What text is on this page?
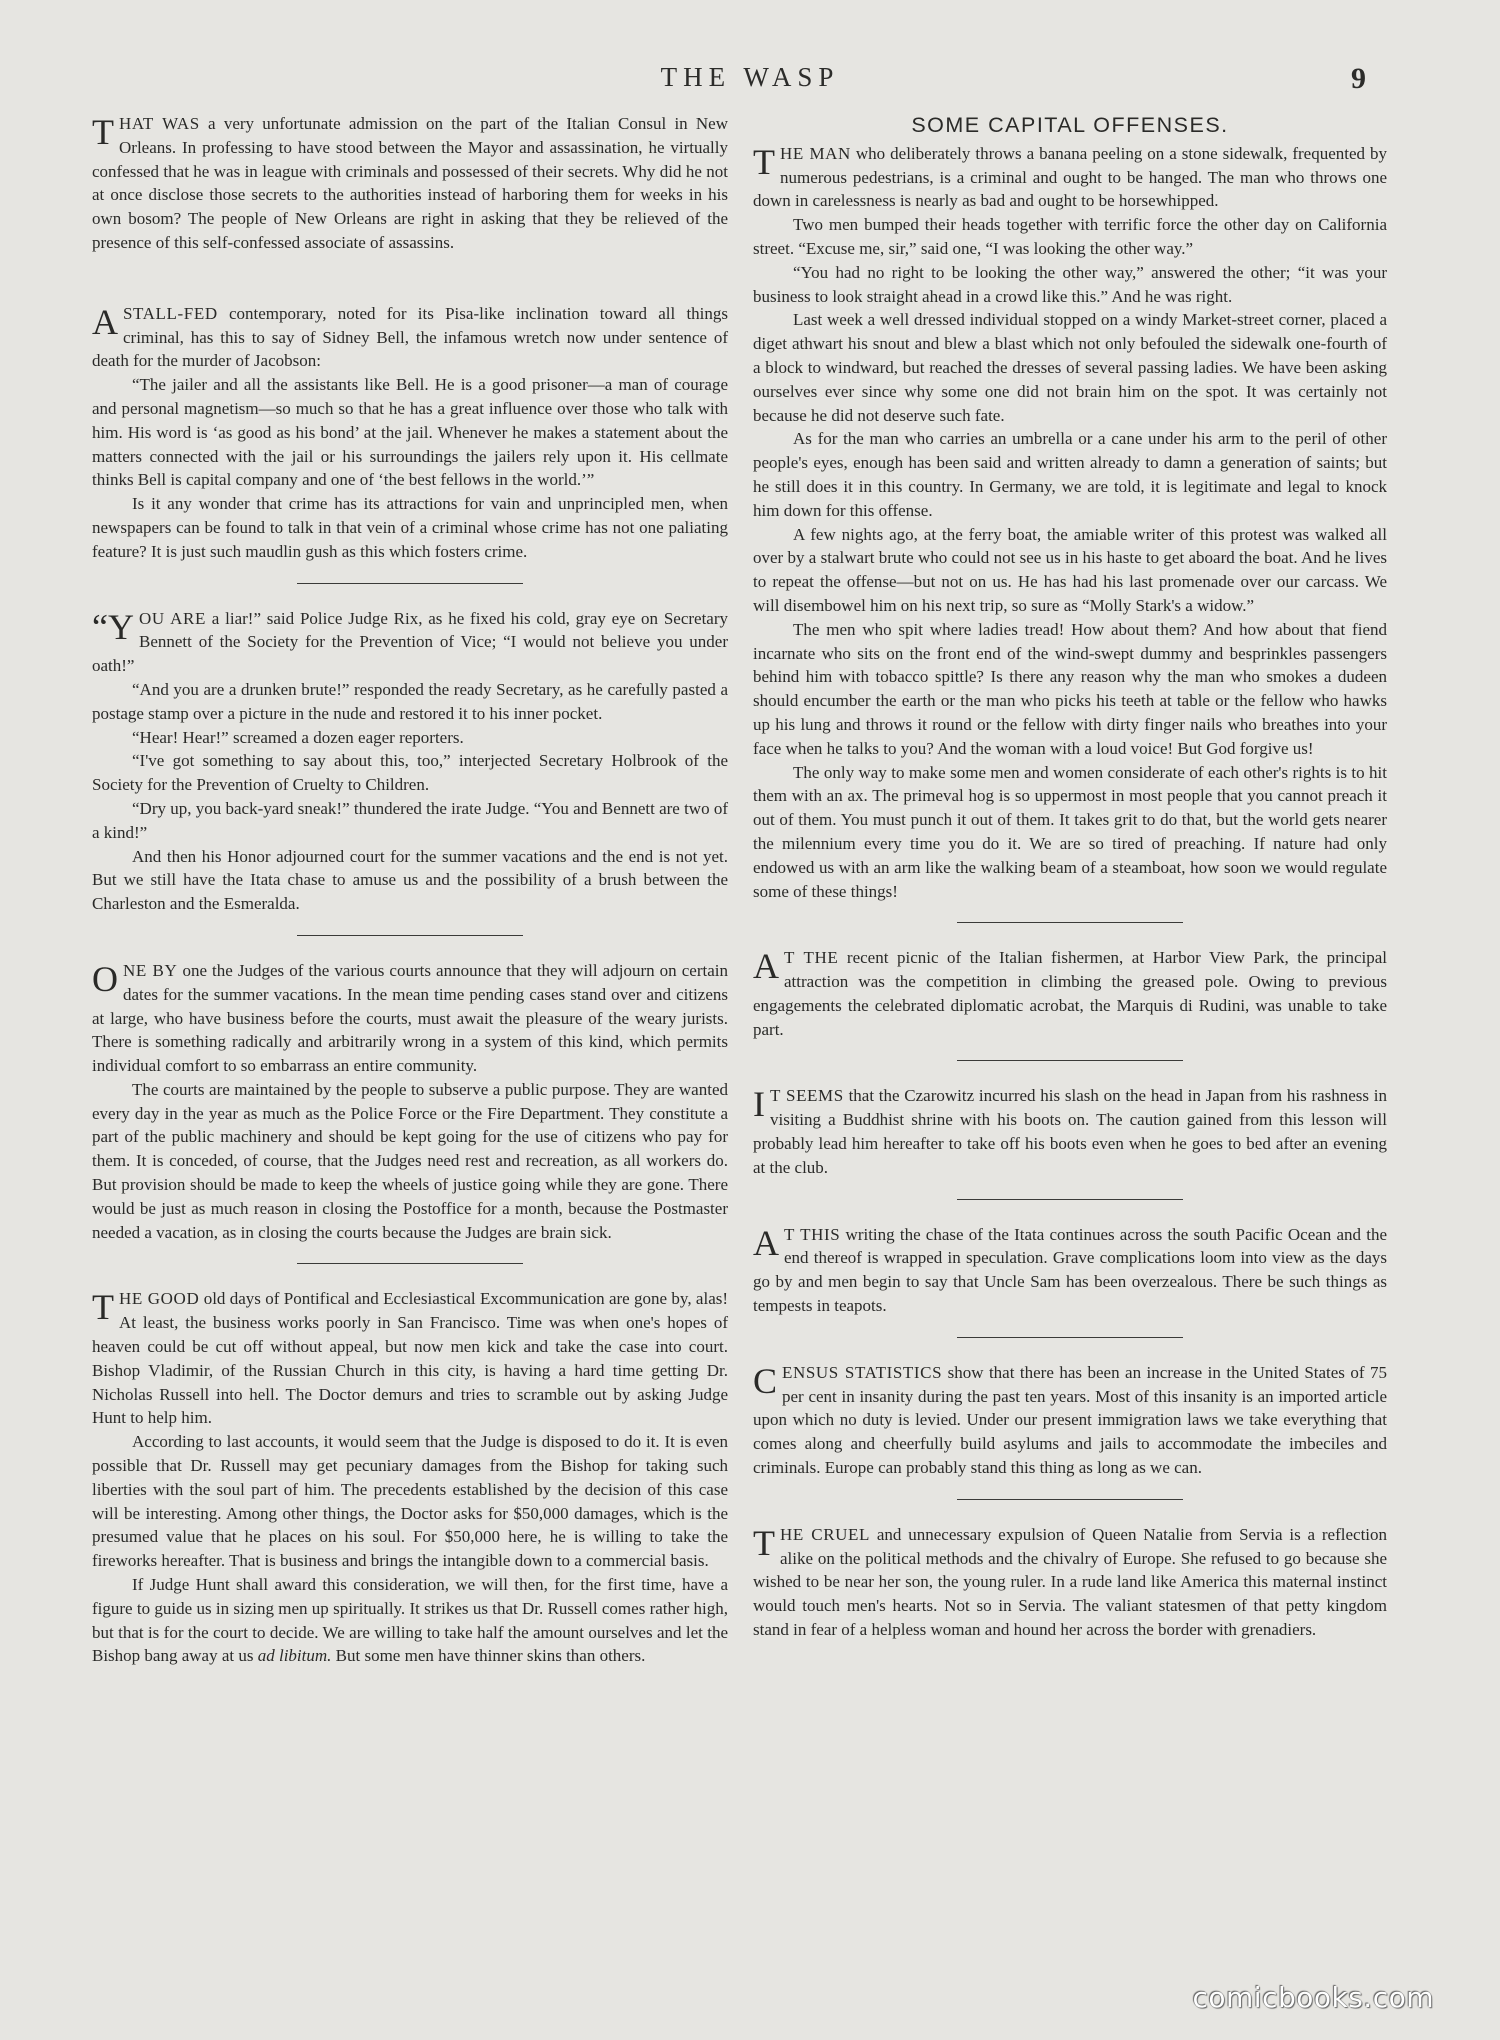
THE WASP	9

THAT WAS a very unfortunate admission on the part of the Italian Consul in New Orleans. In professing to have stood between the Mayor and assassination, he virtually confessed that he was in league with criminals and possessed of their secrets. Why did he not at once disclose those secrets to the authorities instead of harboring them for weeks in his own bosom? The people of New Orleans are right in asking that they be relieved of the presence of this self-confessed associate of assassins.

ASTALL-FED contemporary, noted for its Pisa-like inclination toward all things criminal, has this to say of Sidney Bell, the infamous wretch now under sentence of death for the murder of Jacobson:

“The jailer and all the assistants like Bell. He is a good prisoner—a man of courage and personal magnetism—so much so that he has a great influence over those who talk with him. His word is ‘as good as his bond’ at the jail. Whenever he makes a statement about the matters connected with the jail or his surroundings the jailers rely upon it. His cellmate thinks Bell is capital company and one of ‘the best fellows in the world.’”

Is it any wonder that crime has its attractions for vain and unprincipled men, when newspapers can be found to talk in that vein of a criminal whose crime has not one paliating feature? It is just such maudlin gush as this which fosters crime.

“YOU ARE a liar!” said Police Judge Rix, as he fixed his cold, gray eye on Secretary Bennett of the Society for the Prevention of Vice; “I would not believe you under oath!”

“And you are a drunken brute!” responded the ready Secretary, as he carefully pasted a postage stamp over a picture in the nude and restored it to his inner pocket.

“Hear! Hear!” screamed a dozen eager reporters.

“I've got something to say about this, too,” interjected Secretary Holbrook of the Society for the Prevention of Cruelty to Children.

“Dry up, you back-yard sneak!” thundered the irate Judge. “You and Bennett are two of a kind!”

And then his Honor adjourned court for the summer vacations and the end is not yet. But we still have the Itata chase to amuse us and the possibility of a brush between the Charleston and the Esmeralda.

ONE BY one the Judges of the various courts announce that they will adjourn on certain dates for the summer vacations. In the mean time pending cases stand over and citizens at large, who have business before the courts, must await the pleasure of the weary jurists. There is something radically and arbitrarily wrong in a system of this kind, which permits individual comfort to so embarrass an entire community.

The courts are maintained by the people to subserve a public purpose. They are wanted every day in the year as much as the Police Force or the Fire Department. They constitute a part of the public machinery and should be kept going for the use of citizens who pay for them. It is conceded, of course, that the Judges need rest and recreation, as all workers do. But provision should be made to keep the wheels of justice going while they are gone. There would be just as much reason in closing the Postoffice for a month, because the Postmaster needed a vacation, as in closing the courts because the Judges are brain sick.

THE GOOD old days of Pontifical and Ecclesiastical Excommunication are gone by, alas! At least, the business works poorly in San Francisco. Time was when one's hopes of heaven could be cut off without appeal, but now men kick and take the case into court. Bishop Vladimir, of the Russian Church in this city, is having a hard time getting Dr. Nicholas Russell into hell. The Doctor demurs and tries to scramble out by asking Judge Hunt to help him.

According to last accounts, it would seem that the Judge is disposed to do it. It is even possible that Dr. Russell may get pecuniary damages from the Bishop for taking such liberties with the soul part of him. The precedents established by the decision of this case will be interesting. Among other things, the Doctor asks for $50,000 damages, which is the presumed value that he places on his soul. For $50,000 here, he is willing to take the fireworks hereafter. That is business and brings the intangible down to a commercial basis.

If Judge Hunt shall award this consideration, we will then, for the first time, have a figure to guide us in sizing men up spiritually. It strikes us that Dr. Russell comes rather high, but that is for the court to decide. We are willing to take half the amount ourselves and let the Bishop bang away at us ad libitum. But some men have thinner skins than others.

SOME CAPITAL OFFENSES.

THE MAN who deliberately throws a banana peeling on a stone sidewalk, frequented by numerous pedestrians, is a criminal and ought to be hanged. The man who throws one down in carelessness is nearly as bad and ought to be horsewhipped.

Two men bumped their heads together with terrific force the other day on California street. “Excuse me, sir,” said one, “I was looking the other way.”

“You had no right to be looking the other way,” answered the other; “it was your business to look straight ahead in a crowd like this.” And he was right.

Last week a well dressed individual stopped on a windy Market-street corner, placed a diget athwart his snout and blew a blast which not only befouled the sidewalk one-fourth of a block to windward, but reached the dresses of several passing ladies. We have been asking ourselves ever since why some one did not brain him on the spot. It was certainly not because he did not deserve such fate.

As for the man who carries an umbrella or a cane under his arm to the peril of other people's eyes, enough has been said and written already to damn a generation of saints; but he still does it in this country. In Germany, we are told, it is legitimate and legal to knock him down for this offense.

A few nights ago, at the ferry boat, the amiable writer of this protest was walked all over by a stalwart brute who could not see us in his haste to get aboard the boat. And he lives to repeat the offense—but not on us. He has had his last promenade over our carcass. We will disembowel him on his next trip, so sure as “Molly Stark's a widow.”

The men who spit where ladies tread! How about them? And how about that fiend incarnate who sits on the front end of the wind-swept dummy and besprinkles passengers behind him with tobacco spittle? Is there any reason why the man who smokes a dudeen should encumber the earth or the man who picks his teeth at table or the fellow who hawks up his lung and throws it round or the fellow with dirty finger nails who breathes into your face when he talks to you? And the woman with a loud voice! But God forgive us!

The only way to make some men and women considerate of each other's rights is to hit them with an ax. The primeval hog is so uppermost in most people that you cannot preach it out of them. You must punch it out of them. It takes grit to do that, but the world gets nearer the milennium every time you do it. We are so tired of preaching. If nature had only endowed us with an arm like the walking beam of a steamboat, how soon we would regulate some of these things!

A T THE recent picnic of the Italian fishermen, at Harbor View Park, the principal attraction was the competition in climbing the greased pole. Owing to previous engagements the celebrated diplomatic acrobat, the Marquis di Rudini, was unable to take part.

I T SEEMS that the Czarowitz incurred his slash on the head in Japan from his rashness in visiting a Buddhist shrine with his boots on. The caution gained from this lesson will probably lead him hereafter to take off his boots even when he goes to bed after an evening at the club.

A T THIS writing the chase of the Itata continues across the south Pacific Ocean and the end thereof is wrapped in speculation. Grave complications loom into view as the days go by and men begin to say that Uncle Sam has been overzealous. There be such things as tempests in teapots.

CENSUS STATISTICS show that there has been an increase in the United States of 75 per cent in insanity during the past ten years. Most of this insanity is an imported article upon which no duty is levied. Under our present immigration laws we take everything that comes along and cheerfully build asylums and jails to accommodate the imbeciles and criminals. Europe can probably stand this thing as long as we can.

THE CRUEL and unnecessary expulsion of Queen Natalie from Servia is a reflection alike on the political methods and the chivalry of Europe. She refused to go because she wished to be near her son, the young ruler. In a rude land like America this maternal instinct would touch men's hearts. Not so in Servia. The valiant statesmen of that petty kingdom stand in fear of a helpless woman and hound her across the border with grenadiers.

comicbooks.com
